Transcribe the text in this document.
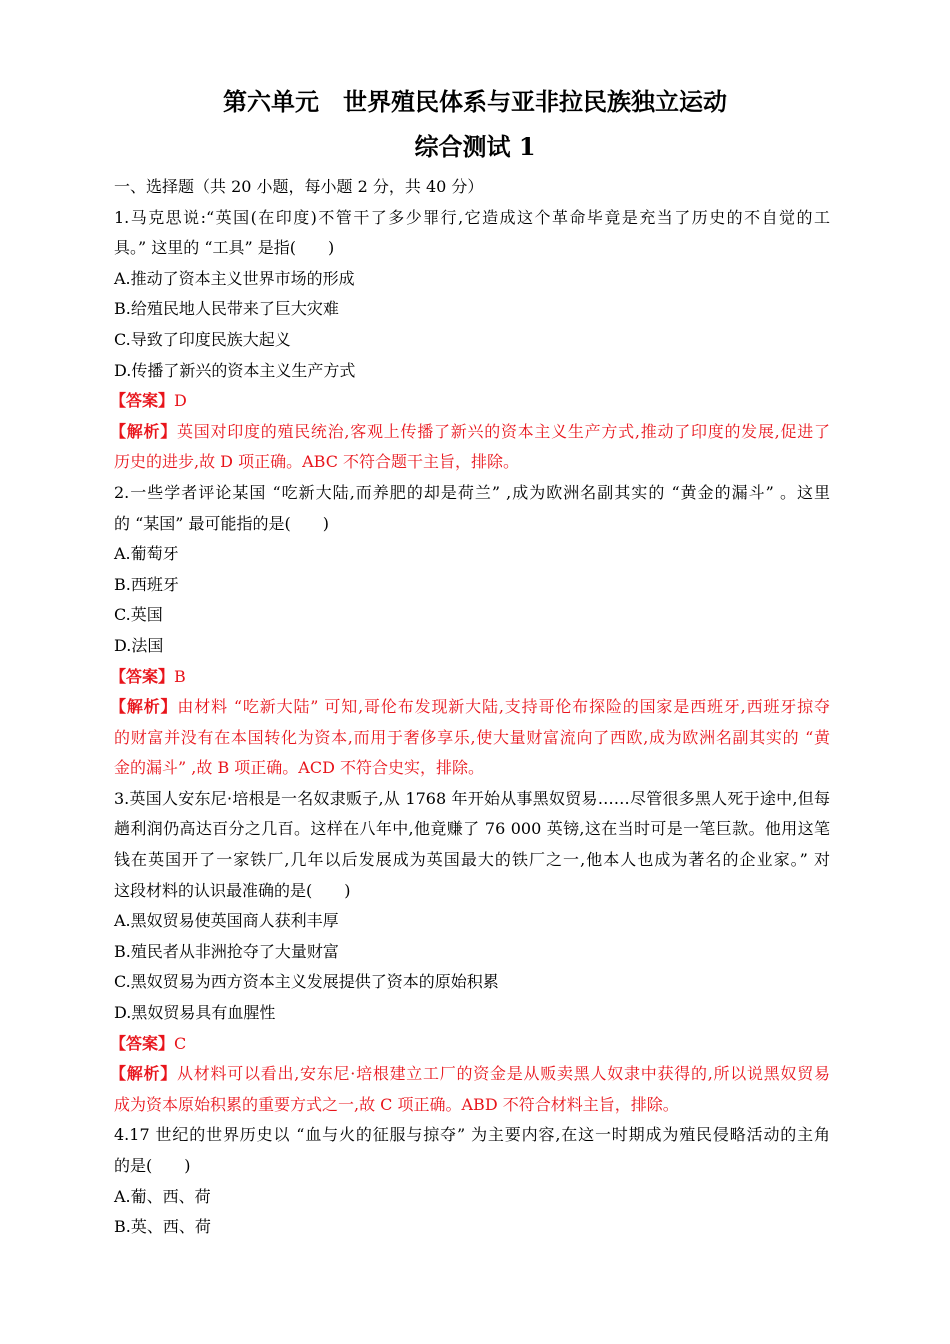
第六单元　世界殖民体系与亚非拉民族独立运动
综合测试 1
一、选择题（共 20 小题，每小题 2 分，共 40 分）
1.马克思说:“英国(在印度)不管干了多少罪行,它造成这个革命毕竟是充当了历史的不自觉的工
具。” 这里的 “工具” 是指(　　)
A.推动了资本主义世界市场的形成
B.给殖民地人民带来了巨大灾难
C.导致了印度民族大起义
D.传播了新兴的资本主义生产方式
【答案】D
【解析】英国对印度的殖民统治,客观上传播了新兴的资本主义生产方式,推动了印度的发展,促进了
历史的进步,故 D 项正确。ABC 不符合题干主旨，排除。
2.一些学者评论某国 “吃新大陆,而养肥的却是荷兰” ,成为欧洲名副其实的 “黄金的漏斗” 。这里
的 “某国” 最可能指的是(　　)
A.葡萄牙
B.西班牙
C.英国
D.法国
【答案】B
【解析】由材料 “吃新大陆” 可知,哥伦布发现新大陆,支持哥伦布探险的国家是西班牙,西班牙掠夺
的财富并没有在本国转化为资本,而用于奢侈享乐,使大量财富流向了西欧,成为欧洲名副其实的 “黄
金的漏斗” ,故 B 项正确。ACD 不符合史实，排除。
3.英国人安东尼·培根是一名奴隶贩子,从 1768 年开始从事黑奴贸易……尽管很多黑人死于途中,但每
趟利润仍高达百分之几百。这样在八年中,他竟赚了 76 000 英镑,这在当时可是一笔巨款。他用这笔
钱在英国开了一家铁厂,几年以后发展成为英国最大的铁厂之一,他本人也成为著名的企业家。” 对
这段材料的认识最准确的是(　　)
A.黑奴贸易使英国商人获利丰厚
B.殖民者从非洲抢夺了大量财富
C.黑奴贸易为西方资本主义发展提供了资本的原始积累
D.黑奴贸易具有血腥性
【答案】C
【解析】从材料可以看出,安东尼·培根建立工厂的资金是从贩卖黑人奴隶中获得的,所以说黑奴贸易
成为资本原始积累的重要方式之一,故 C 项正确。ABD 不符合材料主旨，排除。
4.17 世纪的世界历史以 “血与火的征服与掠夺” 为主要内容,在这一时期成为殖民侵略活动的主角
的是(　　)
A.葡、西、荷
B.英、西、荷
